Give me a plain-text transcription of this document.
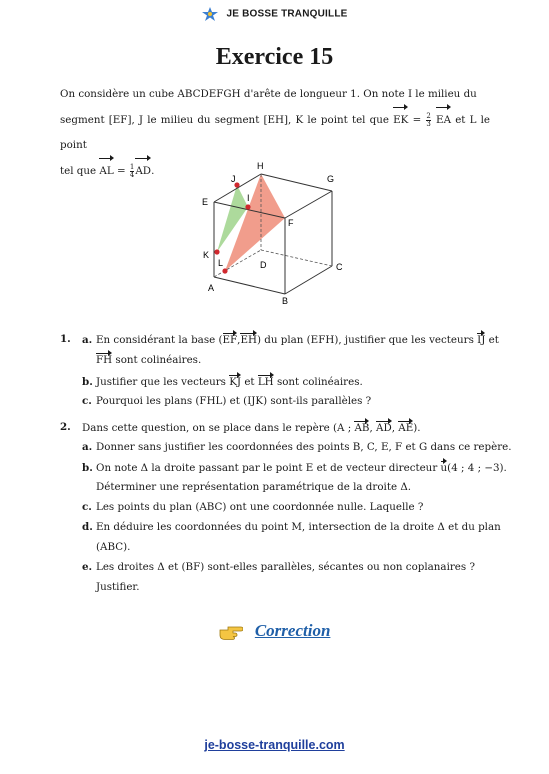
JE BOSSE TRANQUILLE
Exercice 15
On considère un cube ABCDEFGH d'arête de longueur 1. On note I le milieu du
segment [EF], J le milieu du segment [EH], K le point tel que EK = $\frac{2}{3}$ EA et L le point
tel que AL = $\frac{1}{4}$ AD.	H
G
J
I
E
F
K
L	D	C
A
B
1. a. En considérant la base (EF,EH) du plan (EFH), justifier que les vecteurs IJ et
FH sont colinéaires.
b. Justifier que les vecteurs KJ et LH sont colinéaires.
c. Pourquoi les plans (FHL) et (IJK) sont-ils parallèles ?
2. Dans cette question, on se place dans le repère (A ; AB, AD, AE).
a. Donner sans justifier les coordonnées des points B, C, E, F et G dans ce repère.
b. On note Δ la droite passant par le point E et de vecteur directeur u(4 ; 4 ; −3).
Déterminer une représentation paramétrique de la droite Δ.
c. Les points du plan (ABC) ont une coordonnée nulle. Laquelle ?
d. En déduire les coordonnées du point M, intersection de la droite Δ et du plan
(ABC).
e. Les droites Δ et (BF) sont-elles parallèles, sécantes ou non coplanaires ?
Justifier.
Correction
je-bosse-tranquille.com
